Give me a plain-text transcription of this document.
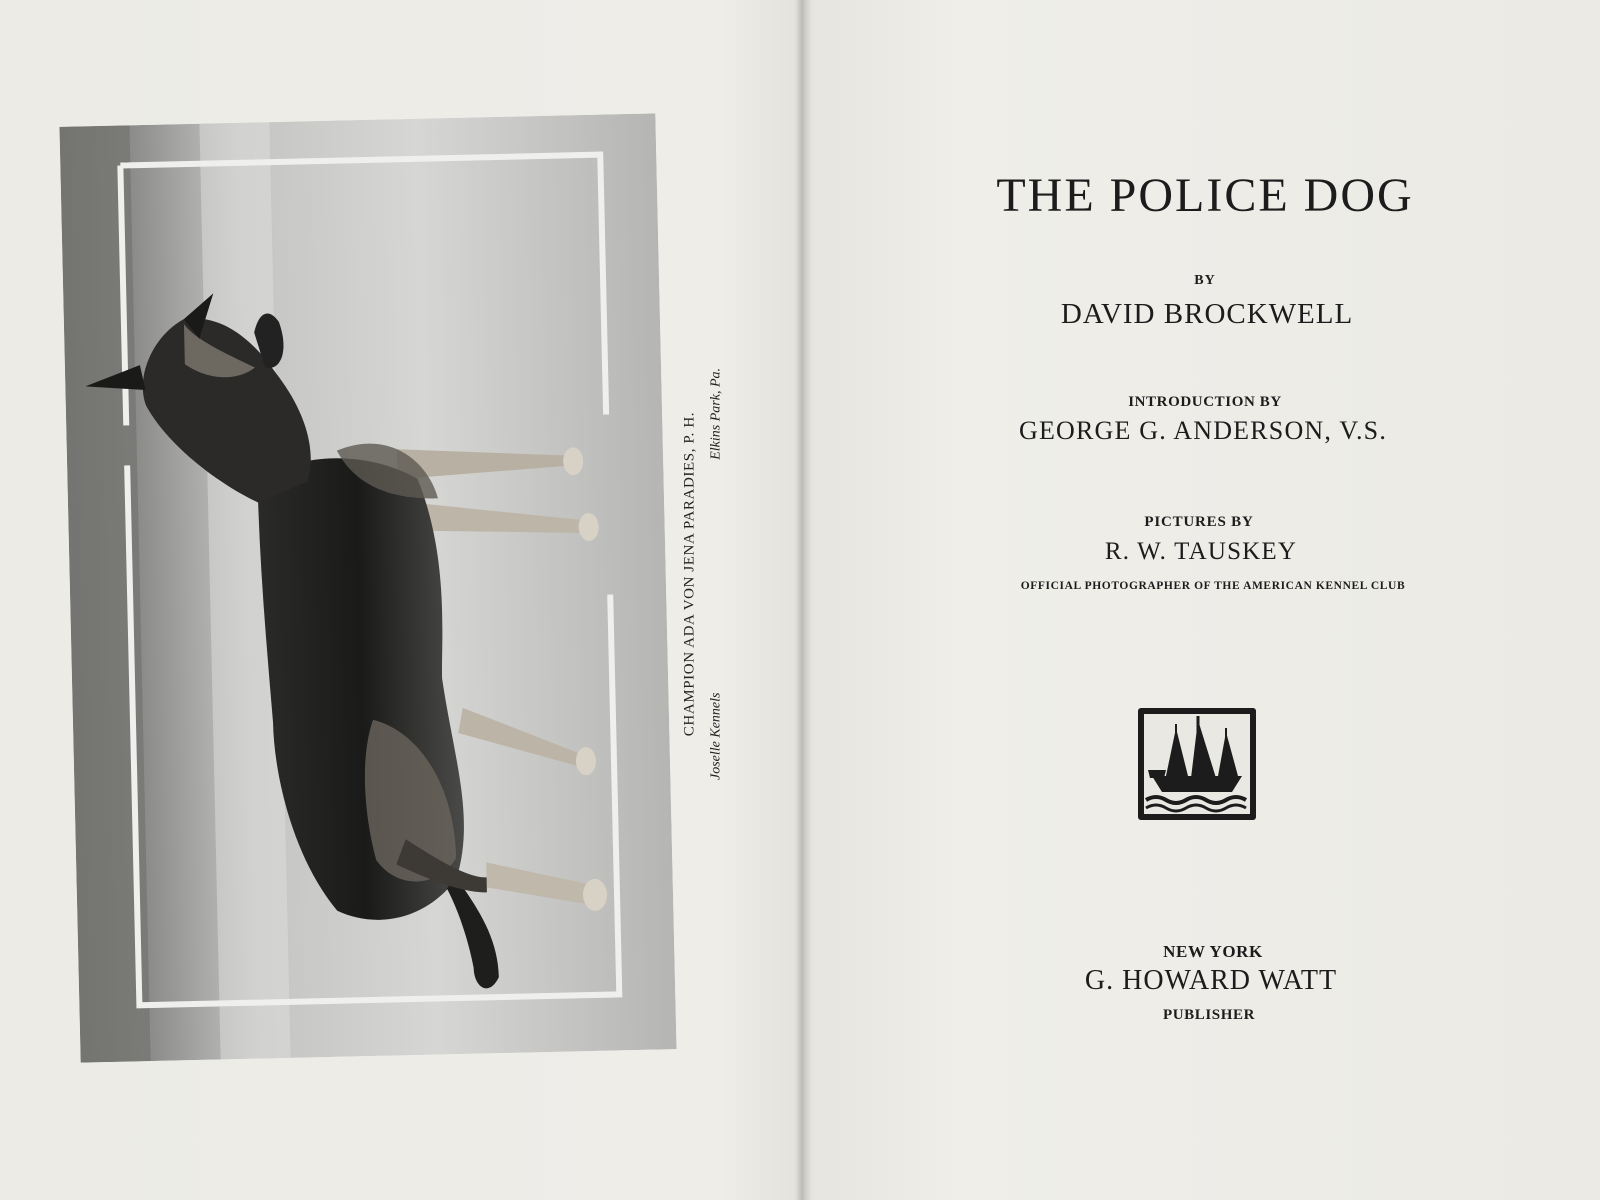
CHAMPION ADA VON JENA PARADIES, P. H.
Joselle Kennels
Elkins Park, Pa.

THE POLICE DOG
BY
DAVID BROCKWELL
INTRODUCTION BY
GEORGE G. ANDERSON, V.S.
PICTURES BY
R. W. TAUSKEY
OFFICIAL PHOTOGRAPHER OF THE AMERICAN KENNEL CLUB
NEW YORK
G. HOWARD WATT
PUBLISHER
